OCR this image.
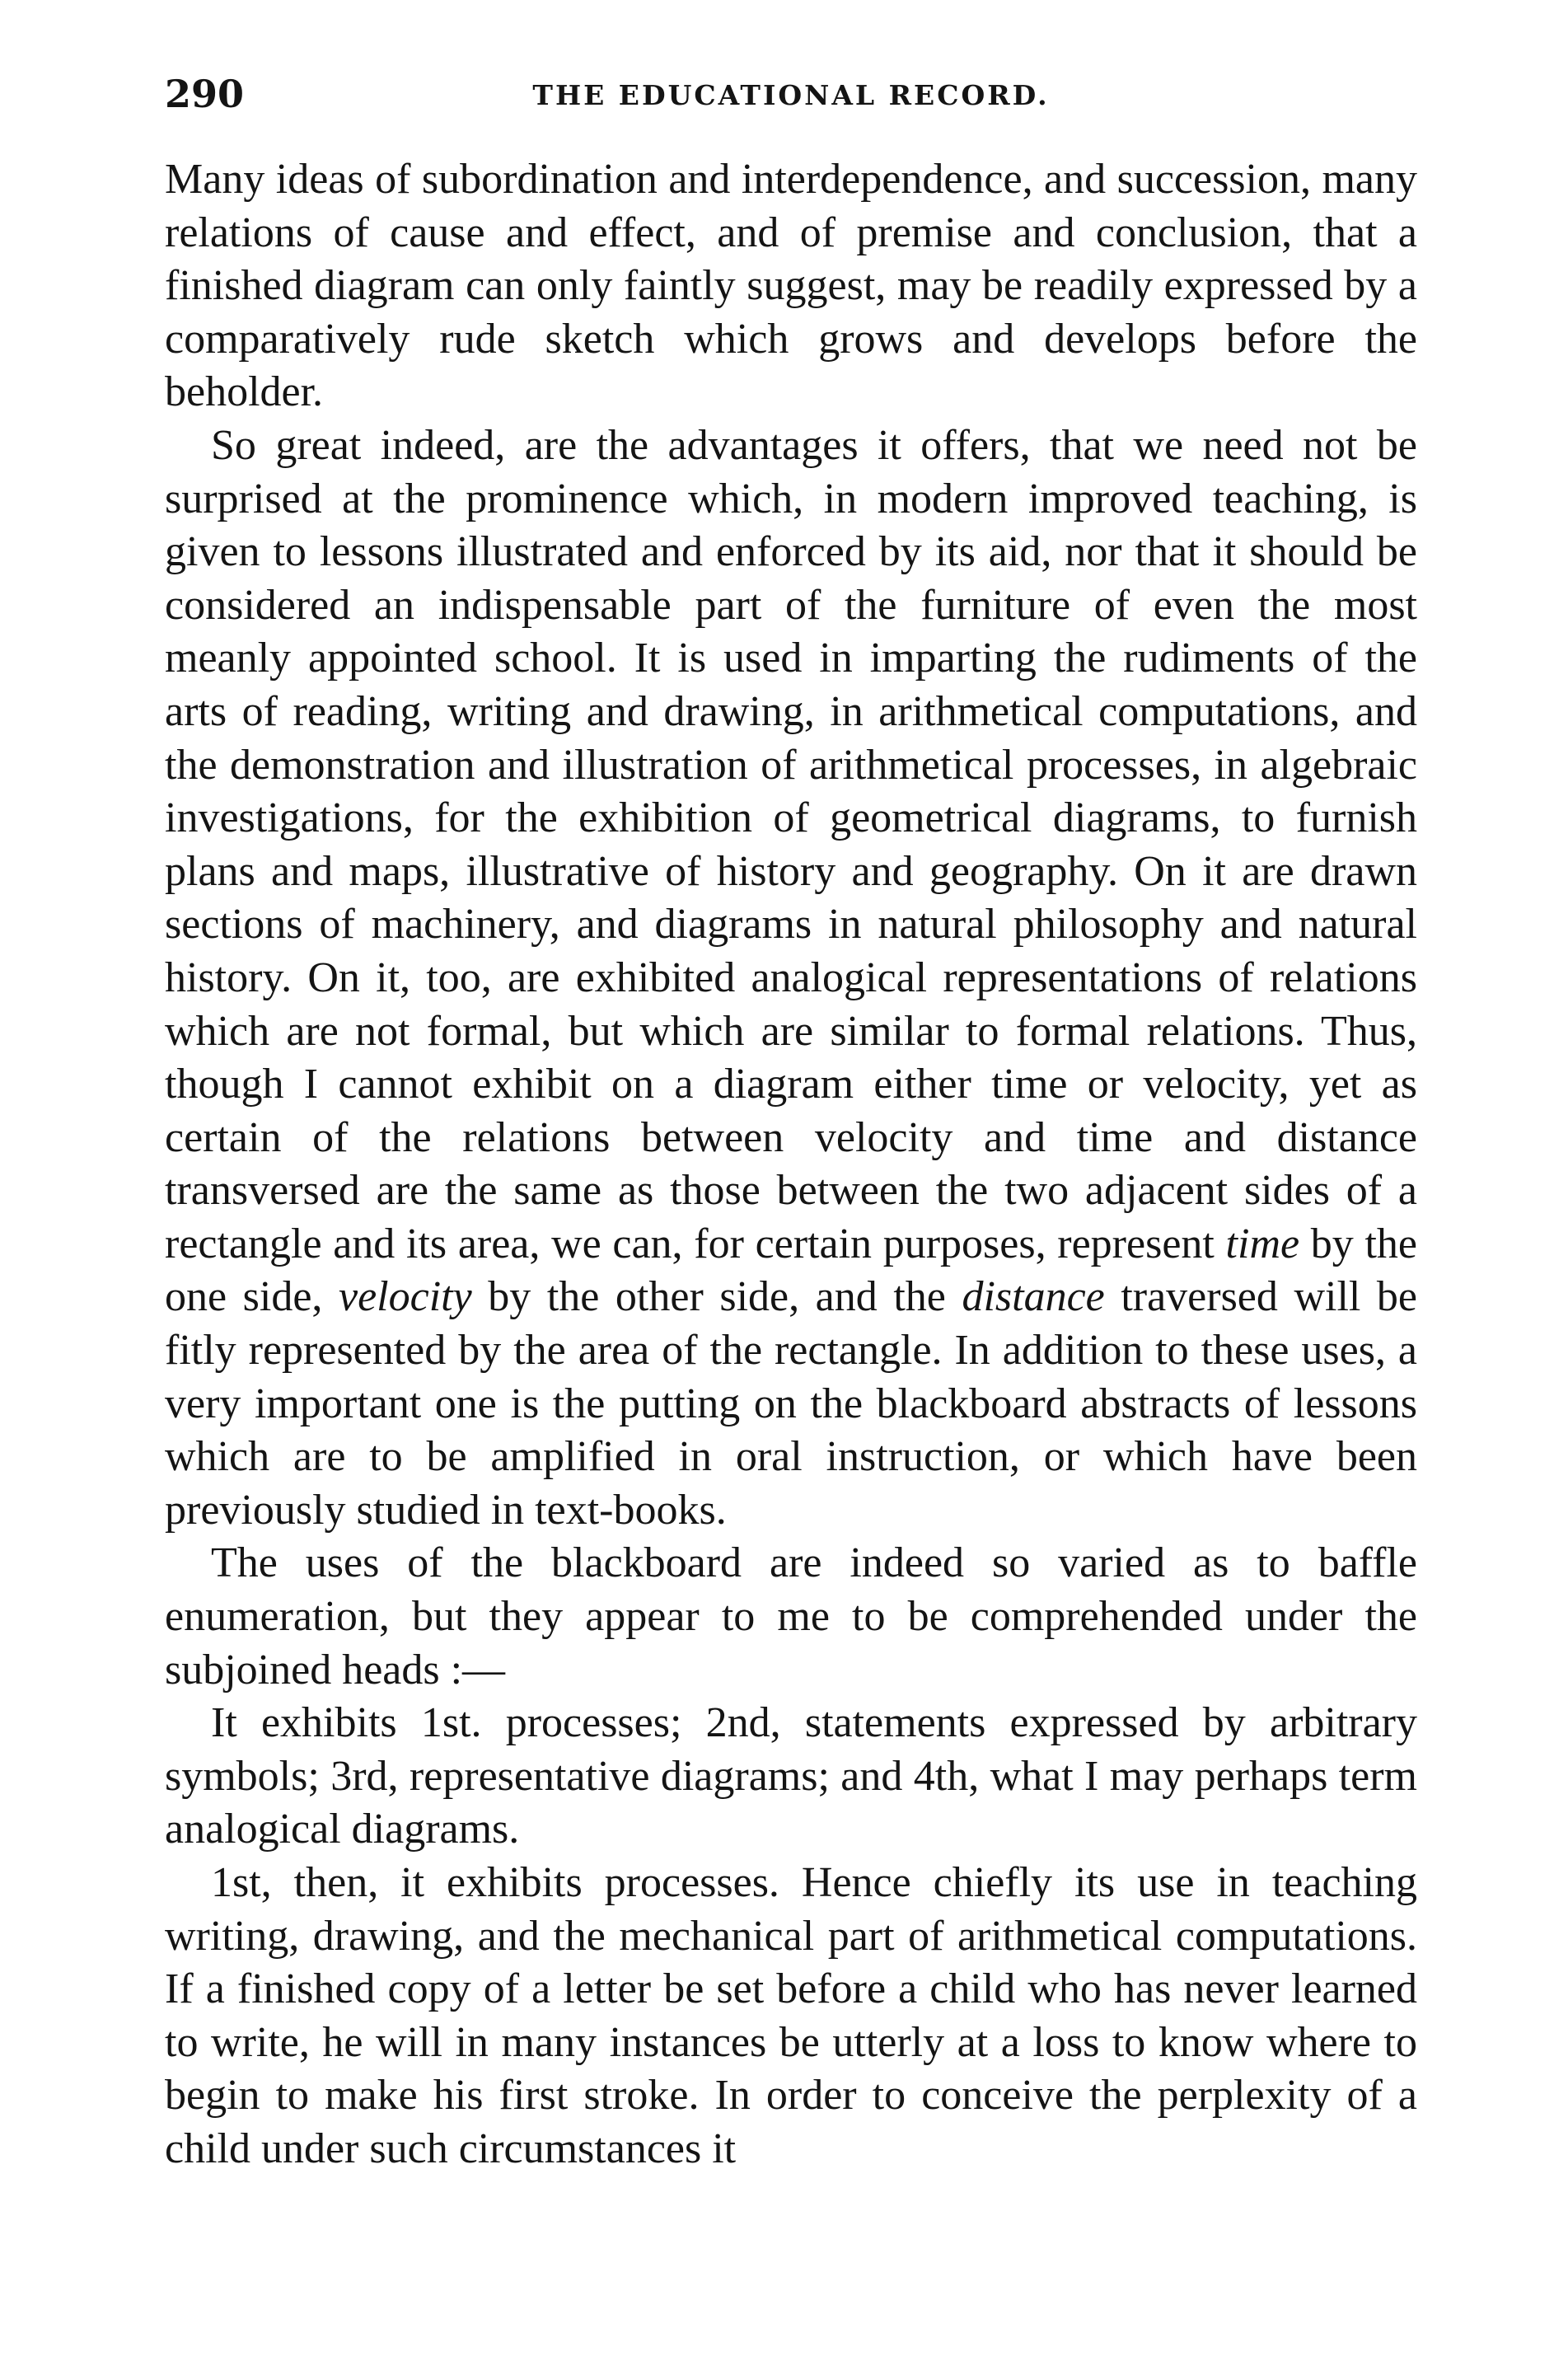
290	THE EDUCATIONAL RECORD.

Many ideas of subordination and interdependence, and succession, many relations of cause and effect, and of premise and conclusion, that a finished diagram can only faintly suggest, may be readily expressed by a comparatively rude sketch which grows and develops before the beholder.

So great indeed, are the advantages it offers, that we need not be surprised at the prominence which, in modern improved teaching, is given to lessons illustrated and enforced by its aid, nor that it should be considered an indispensable part of the furniture of even the most meanly appointed school. It is used in imparting the rudiments of the arts of reading, writing and drawing, in arithmetical computations, and the demonstration and illustration of arithmetical processes, in algebraic investigations, for the exhibition of geometrical diagrams, to furnish plans and maps, illustrative of history and geography. On it are drawn sections of machinery, and diagrams in natural philosophy and natural history. On it, too, are exhibited analogical representations of relations which are not formal, but which are similar to formal relations. Thus, though I cannot exhibit on a diagram either time or velocity, yet as certain of the relations between velocity and time and distance transversed are the same as those between the two adjacent sides of a rectangle and its area, we can, for certain purposes, represent time by the one side, velocity by the other side, and the distance traversed will be fitly represented by the area of the rectangle. In addition to these uses, a very important one is the putting on the blackboard abstracts of lessons which are to be amplified in oral instruction, or which have been previously studied in text-books.

The uses of the blackboard are indeed so varied as to baffle enumeration, but they appear to me to be comprehended under the subjoined heads :—

It exhibits 1st. processes; 2nd, statements expressed by arbitrary symbols; 3rd, representative diagrams; and 4th, what I may perhaps term analogical diagrams.

1st, then, it exhibits processes. Hence chiefly its use in teaching writing, drawing, and the mechanical part of arithmetical computations. If a finished copy of a letter be set before a child who has never learned to write, he will in many instances be utterly at a loss to know where to begin to make his first stroke. In order to conceive the perplexity of a child under such circumstances it
